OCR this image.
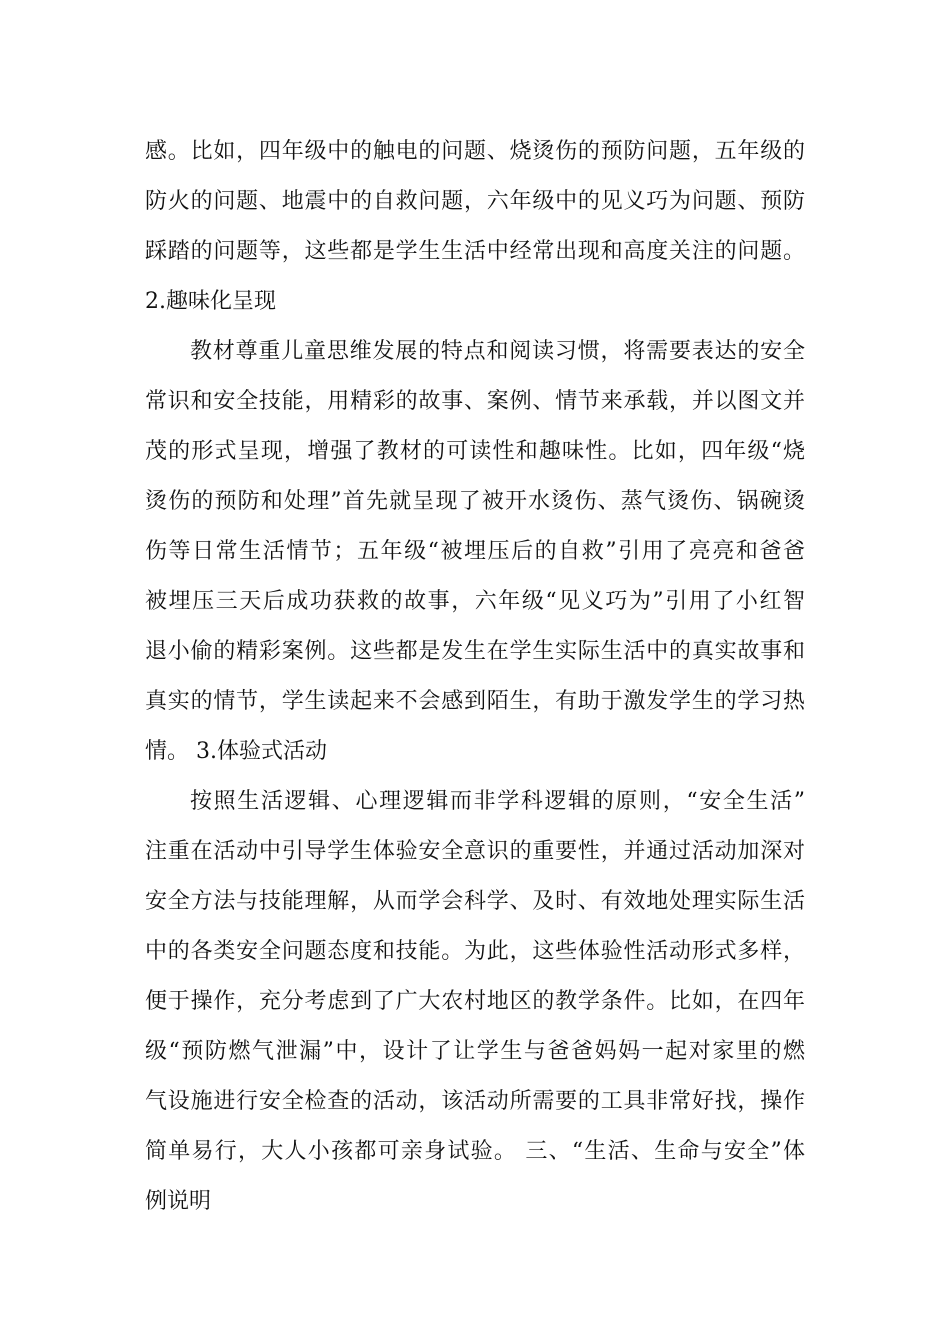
感。比如，四年级中的触电的问题、烧烫伤的预防问题，五年级的
防火的问题、地震中的自救问题，六年级中的见义巧为问题、预防
踩踏的问题等，这些都是学生生活中经常出现和高度关注的问题。
2.趣味化呈现
教材尊重儿童思维发展的特点和阅读习惯，将需要表达的安全
常识和安全技能，用精彩的故事、案例、情节来承载，并以图文并
茂的形式呈现，增强了教材的可读性和趣味性。比如，四年级“烧
烫伤的预防和处理”首先就呈现了被开水烫伤、蒸气烫伤、锅碗烫
伤等日常生活情节；五年级“被埋压后的自救”引用了亮亮和爸爸
被埋压三天后成功获救的故事，六年级“见义巧为”引用了小红智
退小偷的精彩案例。这些都是发生在学生实际生活中的真实故事和
真实的情节，学生读起来不会感到陌生，有助于激发学生的学习热
情。 3.体验式活动
按照生活逻辑、心理逻辑而非学科逻辑的原则，“安全生活”
注重在活动中引导学生体验安全意识的重要性，并通过活动加深对
安全方法与技能理解，从而学会科学、及时、有效地处理实际生活
中的各类安全问题态度和技能。为此，这些体验性活动形式多样，
便于操作，充分考虑到了广大农村地区的教学条件。比如，在四年
级“预防燃气泄漏”中，设计了让学生与爸爸妈妈一起对家里的燃
气设施进行安全检查的活动，该活动所需要的工具非常好找，操作
简单易行，大人小孩都可亲身试验。 三、“生活、生命与安全”体
例说明
